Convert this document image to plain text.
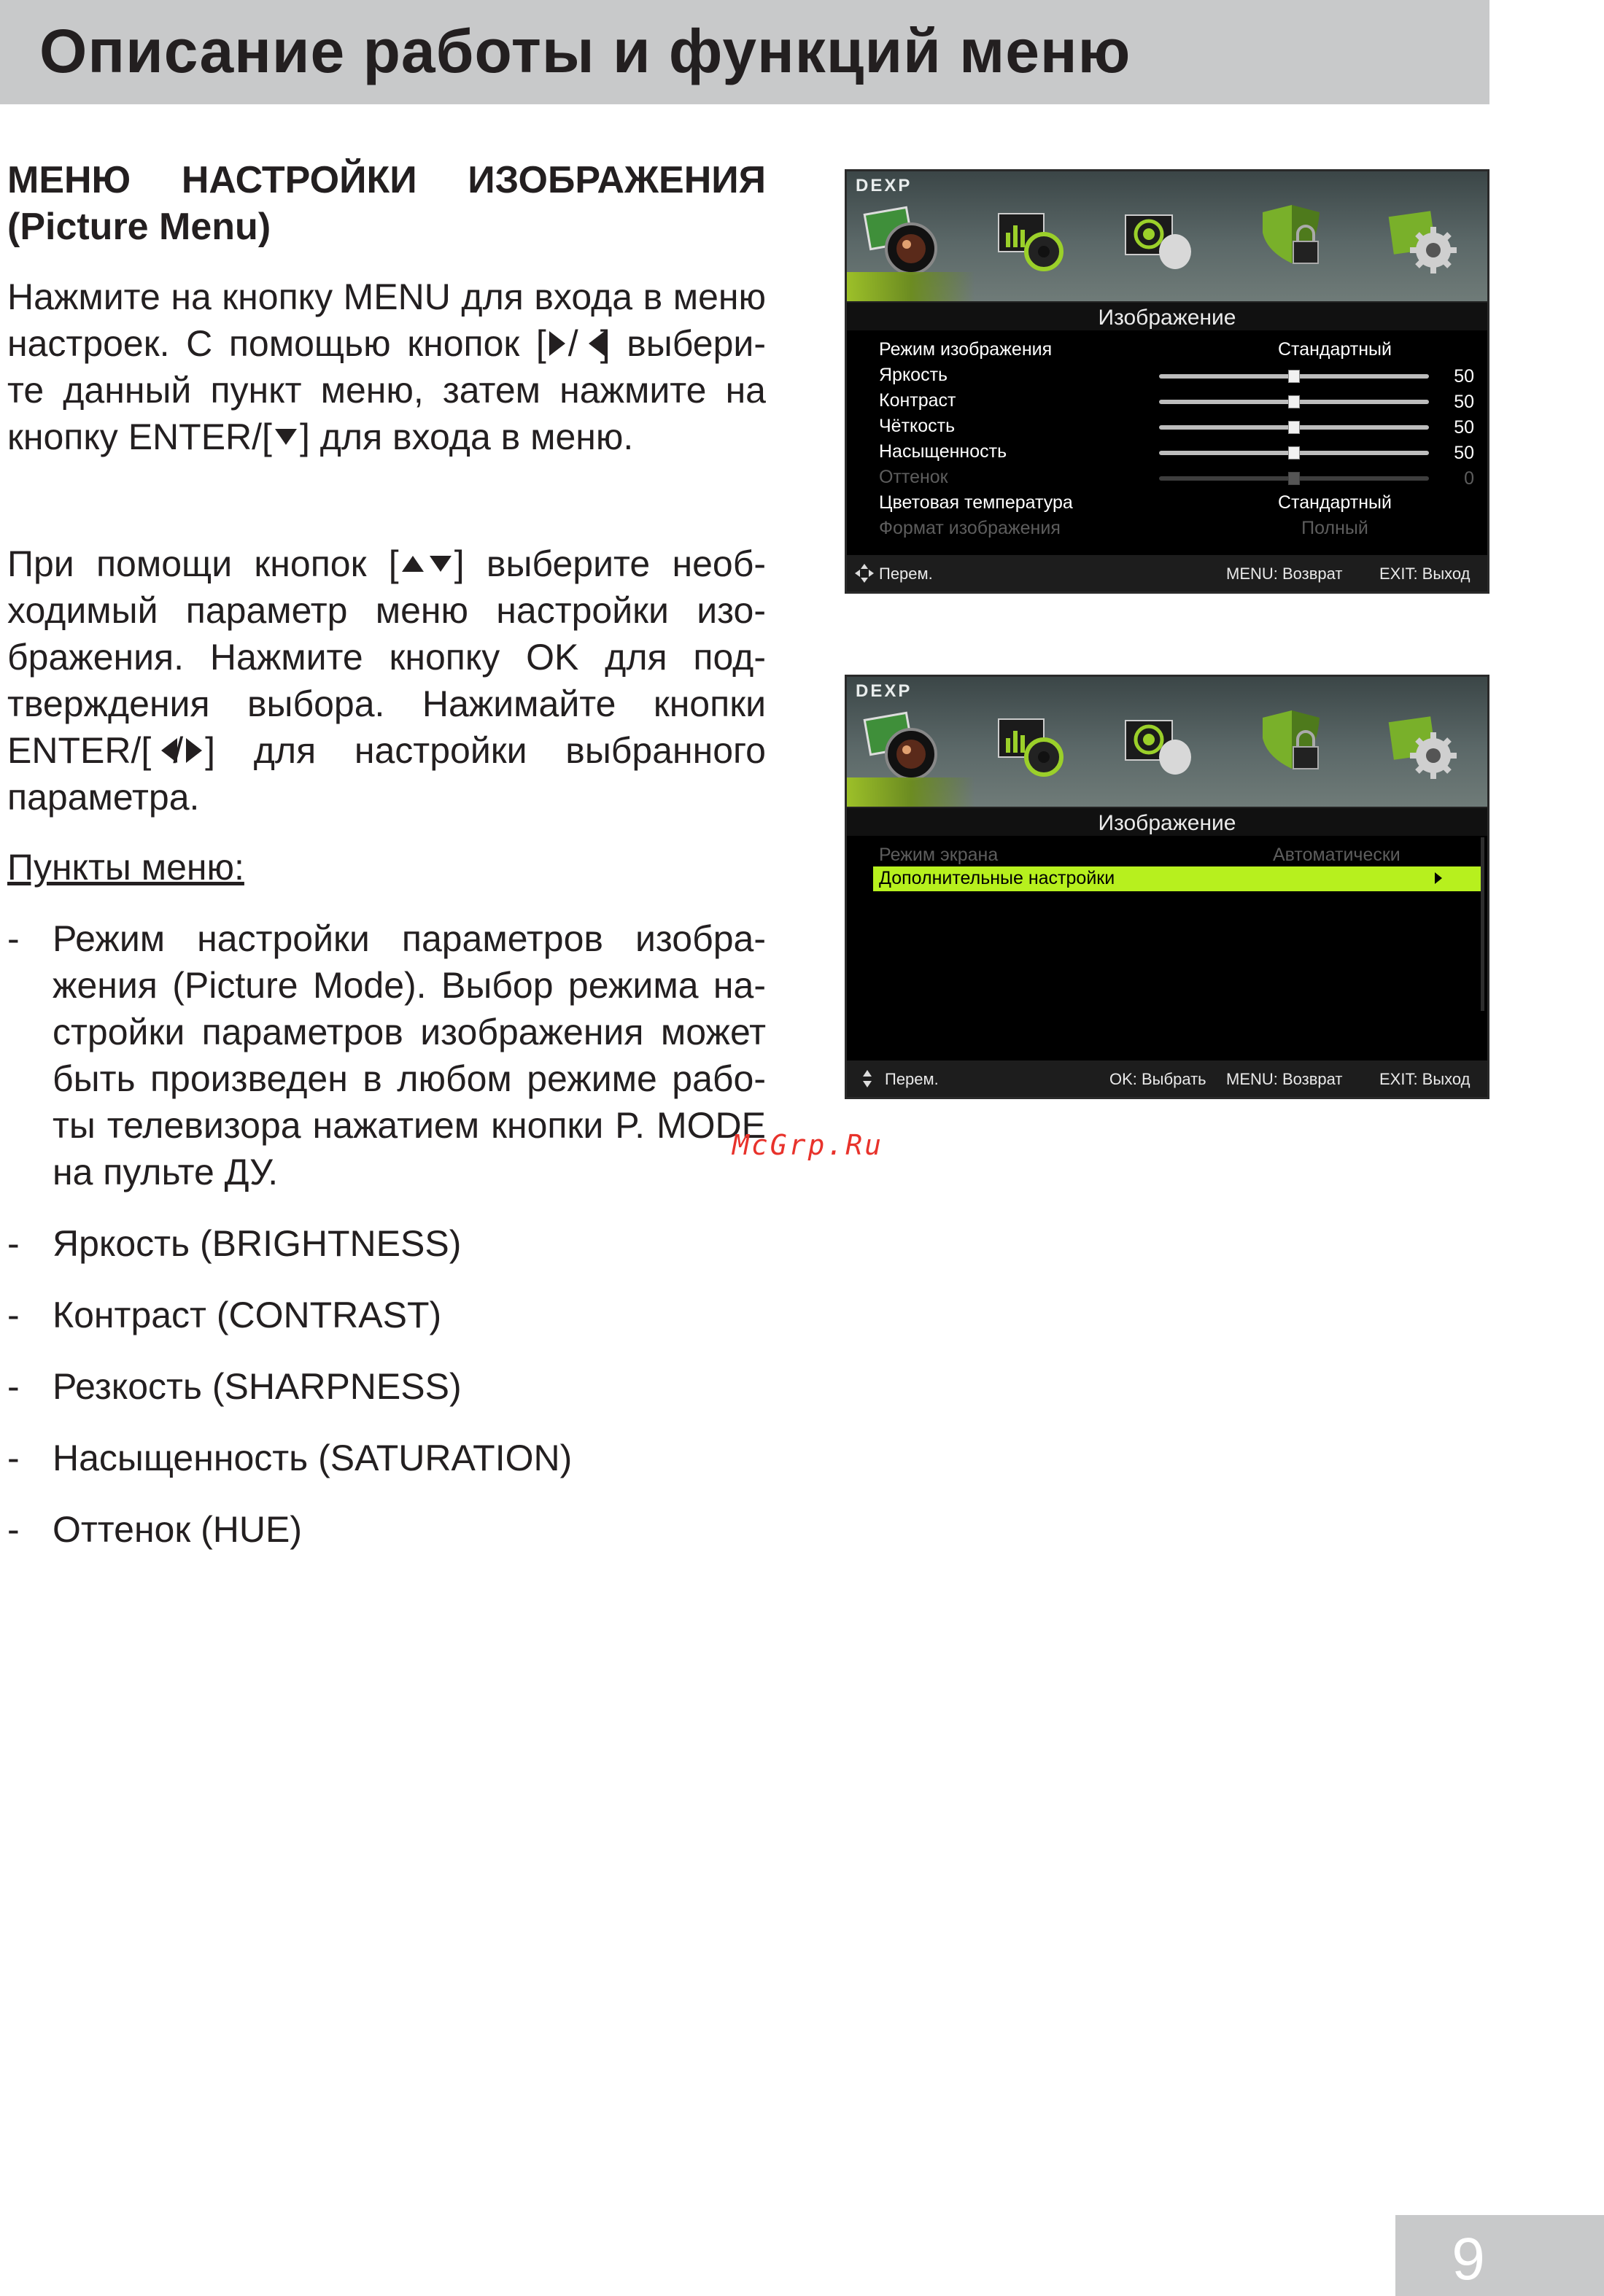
Описание работы и функций меню
МЕНЮ НАСТРОЙКИ ИЗОБРАЖЕНИЯ
(Picture Menu)

Нажмите на кнопку MENU для входа в меню настроек. С помощью кнопок [ / ] выбери-те данный пункт меню, затем нажмите на кнопку ENTER/[ ] для входа в меню.

При помощи кнопок [ ] выберите необ-ходимый параметр меню настройки изо-бражения. Нажмите кнопку OK для под-тверждения выбора. Нажимайте кнопки ENTER/[ / ] для настройки выбранного параметра.

Пункты меню:
- Режим настройки параметров изобра-жения (Picture Mode). Выбор режима на-стройки параметров изображения может быть произведен в любом режиме рабо-ты телевизора нажатием кнопки P. MODE на пульте ДУ.
- Яркость (BRIGHTNESS)
- Контраст (CONTRAST)
- Резкость (SHARPNESS)
- Насыщенность (SATURATION)
- Оттенок (HUE)
McGrp.Ru
DEXP
Изображение
Режим изображения	Стандартный
Яркость	50
Контраст	50
Чёткость	50
Насыщенность	50
Оттенок	0
Цветовая температура	Стандартный
Формат изображения	Полный
Перем.	MENU: Возврат EXIT: Выход
DEXP
Изображение
Режим экрана	Автоматически
Дополнительные настройки
Перем.	OK: Выбрать MENU: Возврат EXIT: Выход
9
